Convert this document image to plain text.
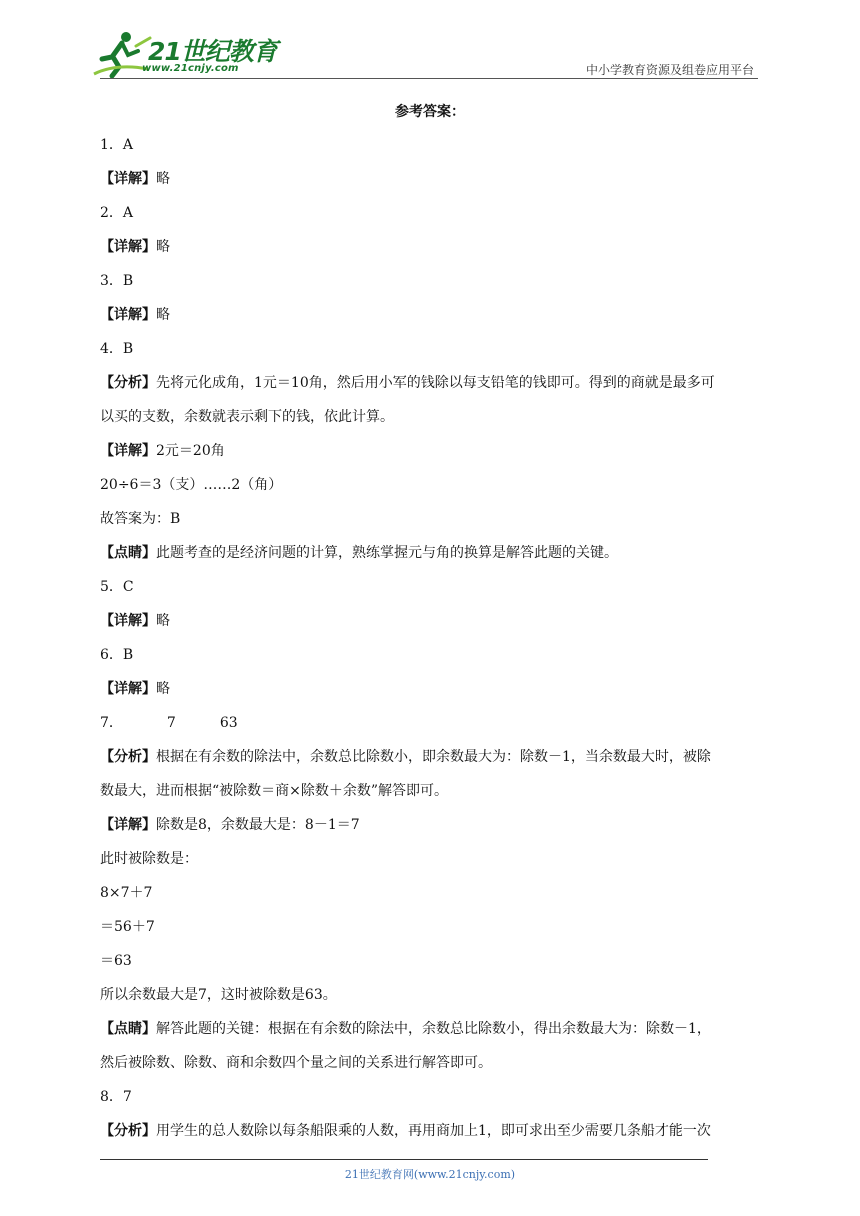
21世纪教育
www.21cnjy.com	中小学教育资源及组卷应用平台
参考答案：
1．A
【详解】略
2．A
【详解】略
3．B
【详解】略
4．B
【分析】先将元化成角，1元＝10角，然后用小军的钱除以每支铅笔的钱即可。得到的商就是最多可
以买的支数，余数就表示剩下的钱，依此计算。
【详解】2元＝20角
20÷6＝3（支）……2（角）
故答案为：B
【点睛】此题考查的是经济问题的计算，熟练掌握元与角的换算是解答此题的关键。
5．C
【详解】略
6．B
【详解】略
7．	7	63
【分析】根据在有余数的除法中，余数总比除数小，即余数最大为：除数－1，当余数最大时，被除
数最大，进而根据“被除数＝商×除数＋余数”解答即可。
【详解】除数是8，余数最大是：8－1＝7
此时被除数是：
8×7＋7
＝56＋7
＝63
所以余数最大是7，这时被除数是63。
【点睛】解答此题的关键：根据在有余数的除法中，余数总比除数小，得出余数最大为：除数－1，
然后被除数、除数、商和余数四个量之间的关系进行解答即可。
8．7
【分析】用学生的总人数除以每条船限乘的人数，再用商加上1，即可求出至少需要几条船才能一次
21世纪教育网(www.21cnjy.com)
